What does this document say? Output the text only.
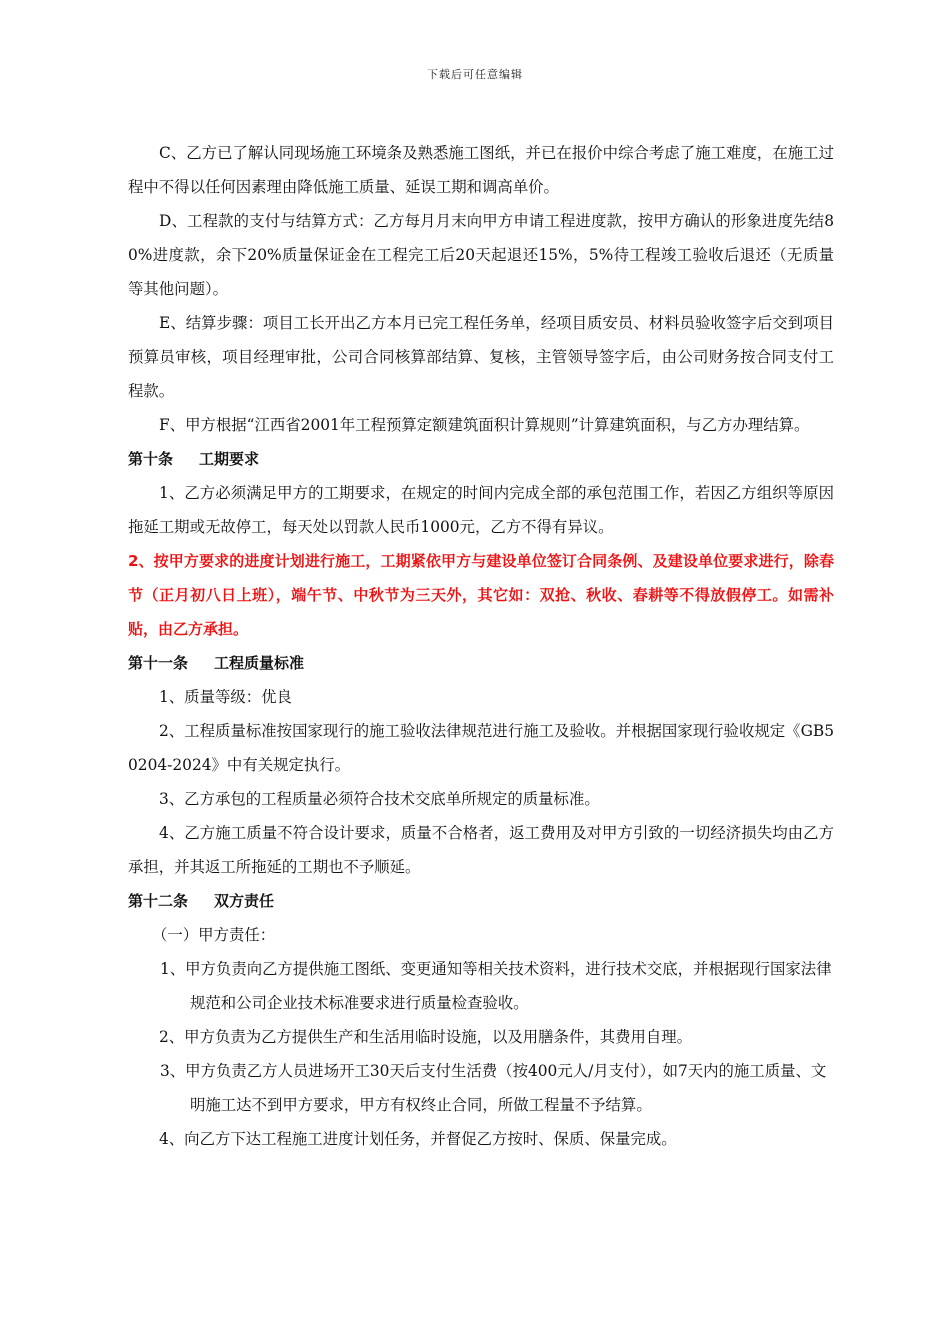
下载后可任意编辑

C、乙方已了解认同现场施工环境条及熟悉施工图纸，并已在报价中综合考虑了施工难度，在施工过程中不得以任何因素理由降低施工质量、延误工期和调高单价。

D、工程款的支付与结算方式：乙方每月月末向甲方申请工程进度款，按甲方确认的形象进度先结80%进度款，余下20%质量保证金在工程完工后20天起退还15%，5%待工程竣工验收后退还（无质量等其他问题）。

E、结算步骤：项目工长开出乙方本月已完工程任务单，经项目质安员、材料员验收签字后交到项目预算员审核，项目经理审批，公司合同核算部结算、复核，主管领导签字后，由公司财务按合同支付工程款。

F、甲方根据“江西省2001年工程预算定额建筑面积计算规则”计算建筑面积，与乙方办理结算。

第十条 工期要求

1、乙方必须满足甲方的工期要求，在规定的时间内完成全部的承包范围工作，若因乙方组织等原因拖延工期或无故停工，每天处以罚款人民币1000元，乙方不得有异议。

2、按甲方要求的进度计划进行施工，工期紧依甲方与建设单位签订合同条例、及建设单位要求进行，除春节（正月初八日上班），端午节、中秋节为三天外，其它如：双抢、秋收、春耕等不得放假停工。如需补贴，由乙方承担。

第十一条 工程质量标准

1、质量等级：优良

2、工程质量标准按国家现行的施工验收法律规范进行施工及验收。并根据国家现行验收规定《GB50204-2024》中有关规定执行。

3、乙方承包的工程质量必须符合技术交底单所规定的质量标准。

4、乙方施工质量不符合设计要求，质量不合格者，返工费用及对甲方引致的一切经济损失均由乙方承担，并其返工所拖延的工期也不予顺延。

第十二条 双方责任

（一）甲方责任：

1、甲方负责向乙方提供施工图纸、变更通知等相关技术资料，进行技术交底，并根据现行国家法律规范和公司企业技术标准要求进行质量检查验收。

2、甲方负责为乙方提供生产和生活用临时设施，以及用膳条件，其费用自理。

3、甲方负责乙方人员进场开工30天后支付生活费（按400元人/月支付），如7天内的施工质量、文明施工达不到甲方要求，甲方有权终止合同，所做工程量不予结算。

4、向乙方下达工程施工进度计划任务，并督促乙方按时、保质、保量完成。
